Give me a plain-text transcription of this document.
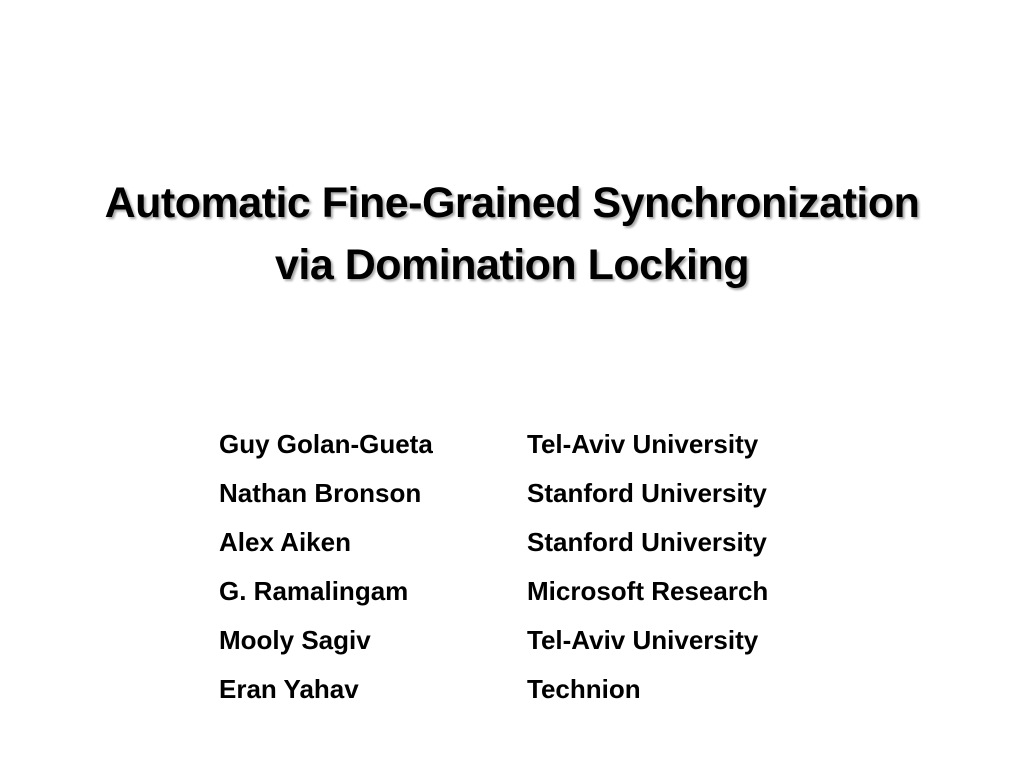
Automatic Fine-Grained Synchronization
via Domination Locking
Guy Golan-Gueta	Tel-Aviv University
Nathan Bronson	Stanford University
Alex Aiken	Stanford University
G. Ramalingam	Microsoft Research
Mooly Sagiv	Tel-Aviv University
Eran Yahav	Technion
